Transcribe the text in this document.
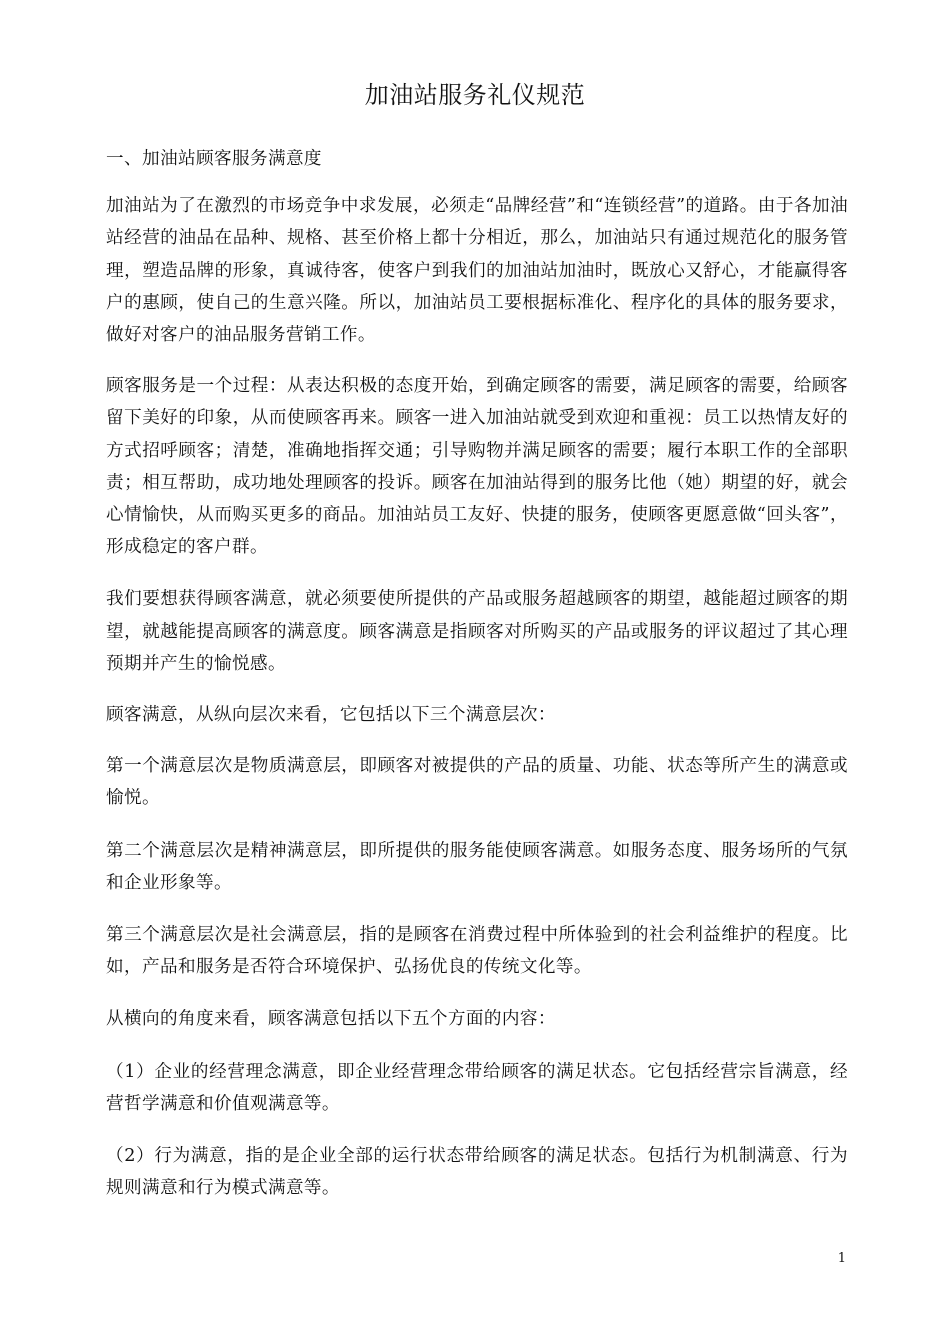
加油站服务礼仪规范

一、加油站顾客服务满意度

加油站为了在激烈的市场竞争中求发展，必须走“品牌经营”和“连锁经营”的道路。由于各加油站经营的油品在品种、规格、甚至价格上都十分相近，那么，加油站只有通过规范化的服务管理，塑造品牌的形象，真诚待客，使客户到我们的加油站加油时，既放心又舒心，才能赢得客户的惠顾，使自己的生意兴隆。所以，加油站员工要根据标准化、程序化的具体的服务要求，做好对客户的油品服务营销工作。

顾客服务是一个过程：从表达积极的态度开始，到确定顾客的需要，满足顾客的需要，给顾客留下美好的印象，从而使顾客再来。顾客一进入加油站就受到欢迎和重视：员工以热情友好的方式招呼顾客；清楚，准确地指挥交通；引导购物并满足顾客的需要；履行本职工作的全部职责；相互帮助，成功地处理顾客的投诉。顾客在加油站得到的服务比他（她）期望的好，就会心情愉快，从而购买更多的商品。加油站员工友好、快捷的服务，使顾客更愿意做“回头客”，形成稳定的客户群。

我们要想获得顾客满意，就必须要使所提供的产品或服务超越顾客的期望，越能超过顾客的期望，就越能提高顾客的满意度。顾客满意是指顾客对所购买的产品或服务的评议超过了其心理预期并产生的愉悦感。

顾客满意，从纵向层次来看，它包括以下三个满意层次：

第一个满意层次是物质满意层，即顾客对被提供的产品的质量、功能、状态等所产生的满意或愉悦。

第二个满意层次是精神满意层，即所提供的服务能使顾客满意。如服务态度、服务场所的气氛和企业形象等。

第三个满意层次是社会满意层，指的是顾客在消费过程中所体验到的社会利益维护的程度。比如，产品和服务是否符合环境保护、弘扬优良的传统文化等。

从横向的角度来看，顾客满意包括以下五个方面的内容：

（1）企业的经营理念满意，即企业经营理念带给顾客的满足状态。它包括经营宗旨满意，经营哲学满意和价值观满意等。

（2）行为满意，指的是企业全部的运行状态带给顾客的满足状态。包括行为机制满意、行为规则满意和行为模式满意等。

1
